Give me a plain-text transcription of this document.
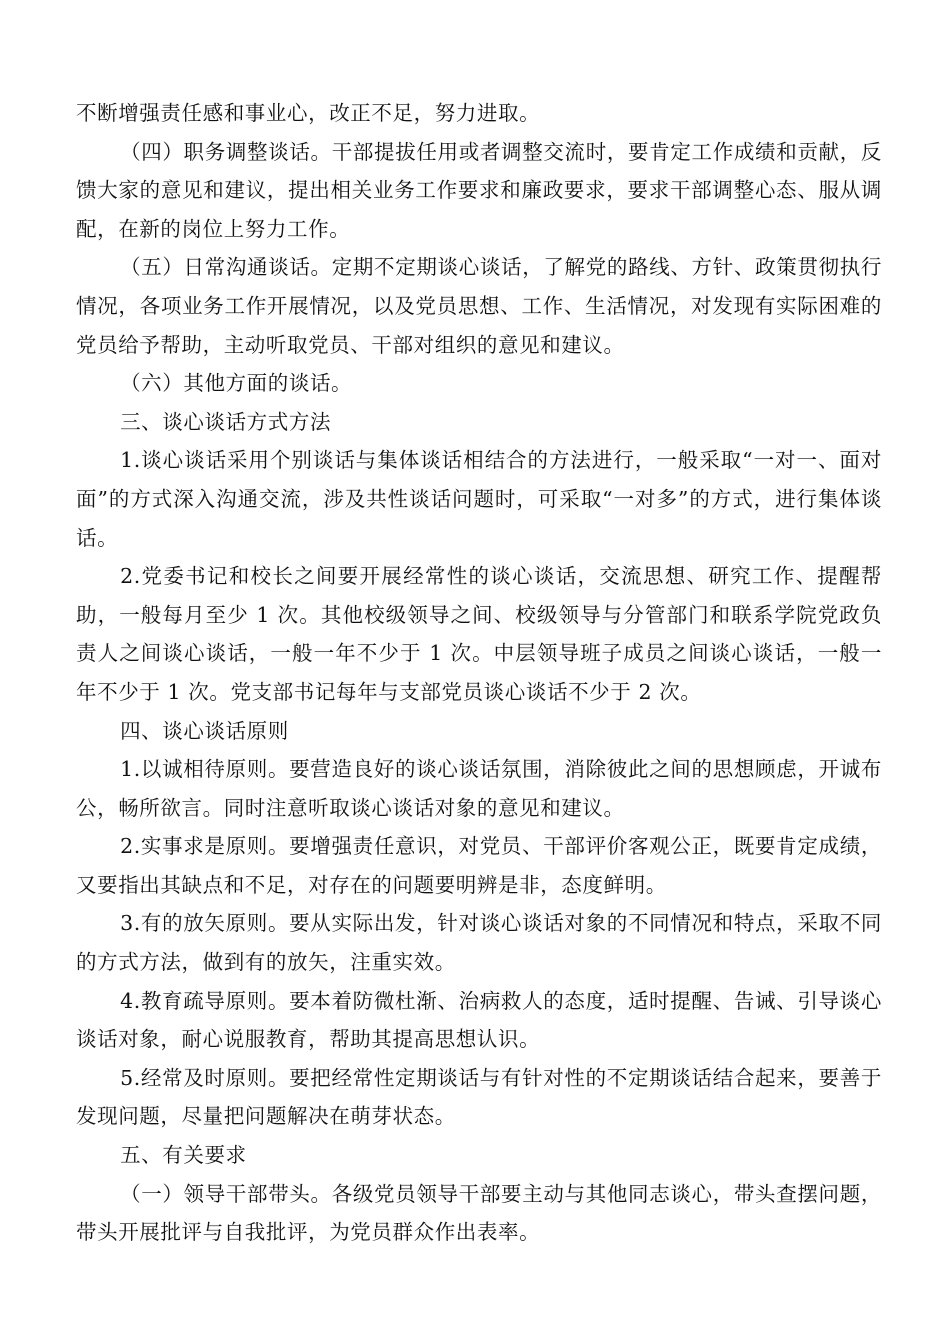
不断增强责任感和事业心，改正不足，努力进取。

（四）职务调整谈话。干部提拔任用或者调整交流时，要肯定工作成绩和贡献，反馈大家的意见和建议，提出相关业务工作要求和廉政要求，要求干部调整心态、服从调配，在新的岗位上努力工作。

（五）日常沟通谈话。定期不定期谈心谈话，了解党的路线、方针、政策贯彻执行情况，各项业务工作开展情况，以及党员思想、工作、生活情况，对发现有实际困难的党员给予帮助，主动听取党员、干部对组织的意见和建议。

（六）其他方面的谈话。

三、谈心谈话方式方法

1.谈心谈话采用个别谈话与集体谈话相结合的方法进行，一般采取“一对一、面对面”的方式深入沟通交流，涉及共性谈话问题时，可采取“一对多”的方式，进行集体谈话。

2.党委书记和校长之间要开展经常性的谈心谈话，交流思想、研究工作、提醒帮助，一般每月至少 1 次。其他校级领导之间、校级领导与分管部门和联系学院党政负责人之间谈心谈话，一般一年不少于 1 次。中层领导班子成员之间谈心谈话，一般一年不少于 1 次。党支部书记每年与支部党员谈心谈话不少于 2 次。

四、谈心谈话原则

1.以诚相待原则。要营造良好的谈心谈话氛围，消除彼此之间的思想顾虑，开诚布公，畅所欲言。同时注意听取谈心谈话对象的意见和建议。

2.实事求是原则。要增强责任意识，对党员、干部评价客观公正，既要肯定成绩，又要指出其缺点和不足，对存在的问题要明辨是非，态度鲜明。

3.有的放矢原则。要从实际出发，针对谈心谈话对象的不同情况和特点，采取不同的方式方法，做到有的放矢，注重实效。

4.教育疏导原则。要本着防微杜渐、治病救人的态度，适时提醒、告诫、引导谈心谈话对象，耐心说服教育，帮助其提高思想认识。

5.经常及时原则。要把经常性定期谈话与有针对性的不定期谈话结合起来，要善于发现问题，尽量把问题解决在萌芽状态。

五、有关要求

（一）领导干部带头。各级党员领导干部要主动与其他同志谈心，带头查摆问题，带头开展批评与自我批评，为党员群众作出表率。
